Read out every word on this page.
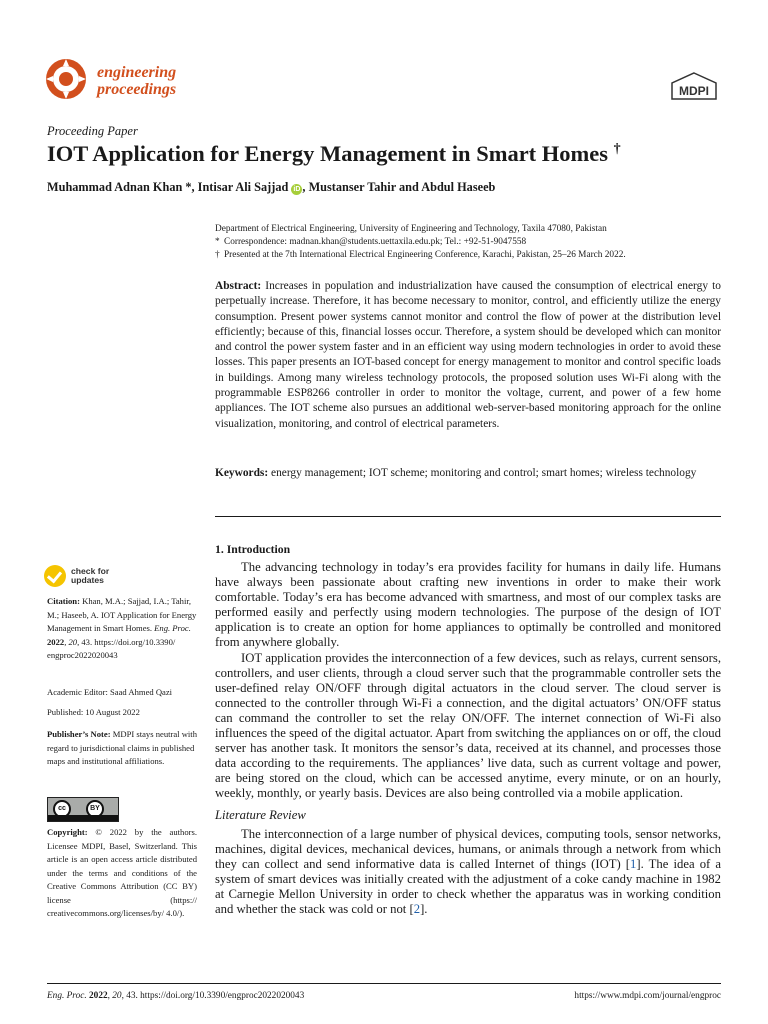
engineering
proceedings	MDPI
Proceeding Paper
IOT Application for Energy Management in Smart Homes †
Muhammad Adnan Khan *, Intisar Ali Sajjad iD , Mustanser Tahir and Abdul Haseeb
Department of Electrical Engineering, University of Engineering and Technology, Taxila 47080, Pakistan
* Correspondence: madnan.khan@students.uettaxila.edu.pk; Tel.: +92-51-9047558
† Presented at the 7th International Electrical Engineering Conference, Karachi, Pakistan, 25–26 March 2022.
Abstract: Increases in population and industrialization have caused the consumption of electrical energy to perpetually increase. Therefore, it has become necessary to monitor, control, and efficiently utilize the energy consumption. Present power systems cannot monitor and control the flow of power at the distribution level efficiently; because of this, financial losses occur. Therefore, a system should be developed which can monitor and control the power system faster and in an efficient way using modern technologies in order to avoid these losses. This paper presents an IOT-based concept for energy management to monitor and control specific loads in buildings. Among many wireless technology protocols, the proposed solution uses Wi-Fi along with the programmable ESP8266 controller in order to monitor the voltage, current, and power of a few home appliances. The IOT scheme also pursues an additional web-server-based monitoring approach for the online visualization, monitoring, and control of electrical parameters.
Keywords: energy management; IOT scheme; monitoring and control; smart homes; wireless technology
1. Introduction

The advancing technology in today’s era provides facility for humans in daily life. Humans have always been passionate about crafting new inventions in order to make their work comfortable. Today’s era has become advanced with smartness, and most of our complex tasks are performed easily and perfectly using modern technologies. The purpose of the design of IOT application is to create an option for home appliances to optimally be controlled and monitored from anywhere globally.

IOT application provides the interconnection of a few devices, such as relays, current sensors, controllers, and user clients, through a cloud server such that the programmable controller sets the user-defined relay ON/OFF through digital actuators in the cloud server. The cloud server is connected to the controller through Wi-Fi a connection, and the digital actuators’ ON/OFF status can command the controller to set the relay ON/OFF. The internet connection of Wi-Fi also influences the speed of the digital actuator. Apart from switching the appliances on or off, the cloud server has another task. It monitors the sensor’s data, received at its channel, and processes those data according to the requirements. The appliances’ live data, such as current voltage and power, are being stored on the cloud, which can be accessed anytime, every minute, or on an hourly, weekly, monthly, or yearly basis. Devices are also being controlled via a mobile application.

Literature Review

The interconnection of a large number of physical devices, computing tools, sensor networks, machines, digital devices, mechanical devices, humans, or animals through a network from which they can collect and send informative data is called Internet of things (IOT) [1]. The idea of a system of smart devices was initially created with the adjustment of a coke candy machine in 1982 at Carnegie Mellon University in order to check whether the apparatus was in working condition and whether the stack was cold or not [2].

check for
updates
Citation: Khan, M.A.; Sajjad, I.A.; Tahir, M.; Haseeb, A. IOT Application for Energy Management in Smart Homes. Eng. Proc. 2022, 20, 43. https://doi.org/10.3390/ engproc2022020043
Academic Editor: Saad Ahmed Qazi
Published: 10 August 2022
Publisher’s Note: MDPI stays neutral with regard to jurisdictional claims in published maps and institutional affiliations.
cc	BY
Copyright: © 2022 by the authors. Licensee MDPI, Basel, Switzerland. This article is an open access article distributed under the terms and conditions of the Creative Commons Attribution (CC BY) license (https:// creativecommons.org/licenses/by/ 4.0/).
Eng. Proc. 2022, 20, 43. https://doi.org/10.3390/engproc2022020043	https://www.mdpi.com/journal/engproc
